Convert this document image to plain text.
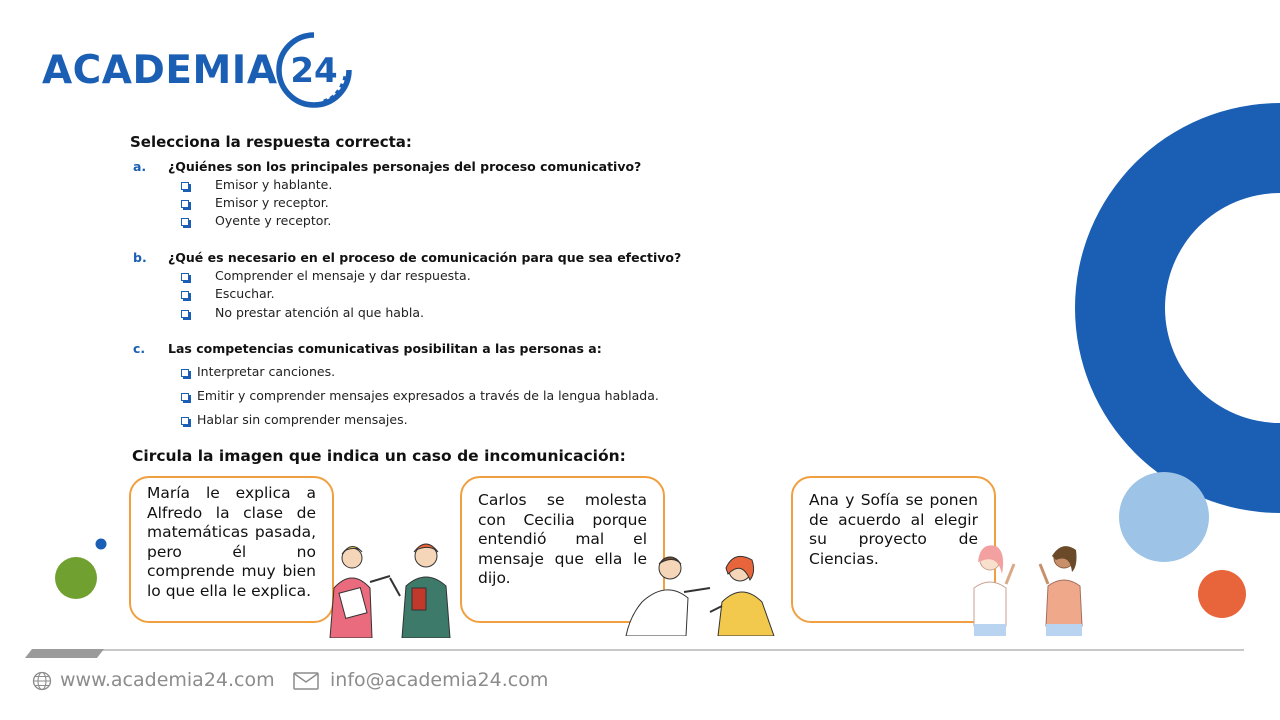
ACADEMIA 24
Selecciona la respuesta correcta:
a. ¿Quiénes son los principales personajes del proceso comunicativo?
Emisor y hablante.
Emisor y receptor.
Oyente y receptor.
b. ¿Qué es necesario en el proceso de comunicación para que sea efectivo?
Comprender el mensaje y dar respuesta.
Escuchar.
No prestar atención al que habla.
c. Las competencias comunicativas posibilitan a las personas a:
Interpretar canciones.
Emitir y comprender mensajes expresados a través de la lengua hablada.
Hablar sin comprender mensajes.
Circula la imagen que indica un caso de incomunicación:
María le explica a Alfredo la clase de matemáticas pasada, pero él no comprende muy bien lo que ella le explica.
Carlos se molesta con Cecilia porque entendió mal el mensaje que ella le dijo.
Ana y Sofía se ponen de acuerdo al elegir su proyecto de Ciencias.
www.academia24.com	info@academia24.com
